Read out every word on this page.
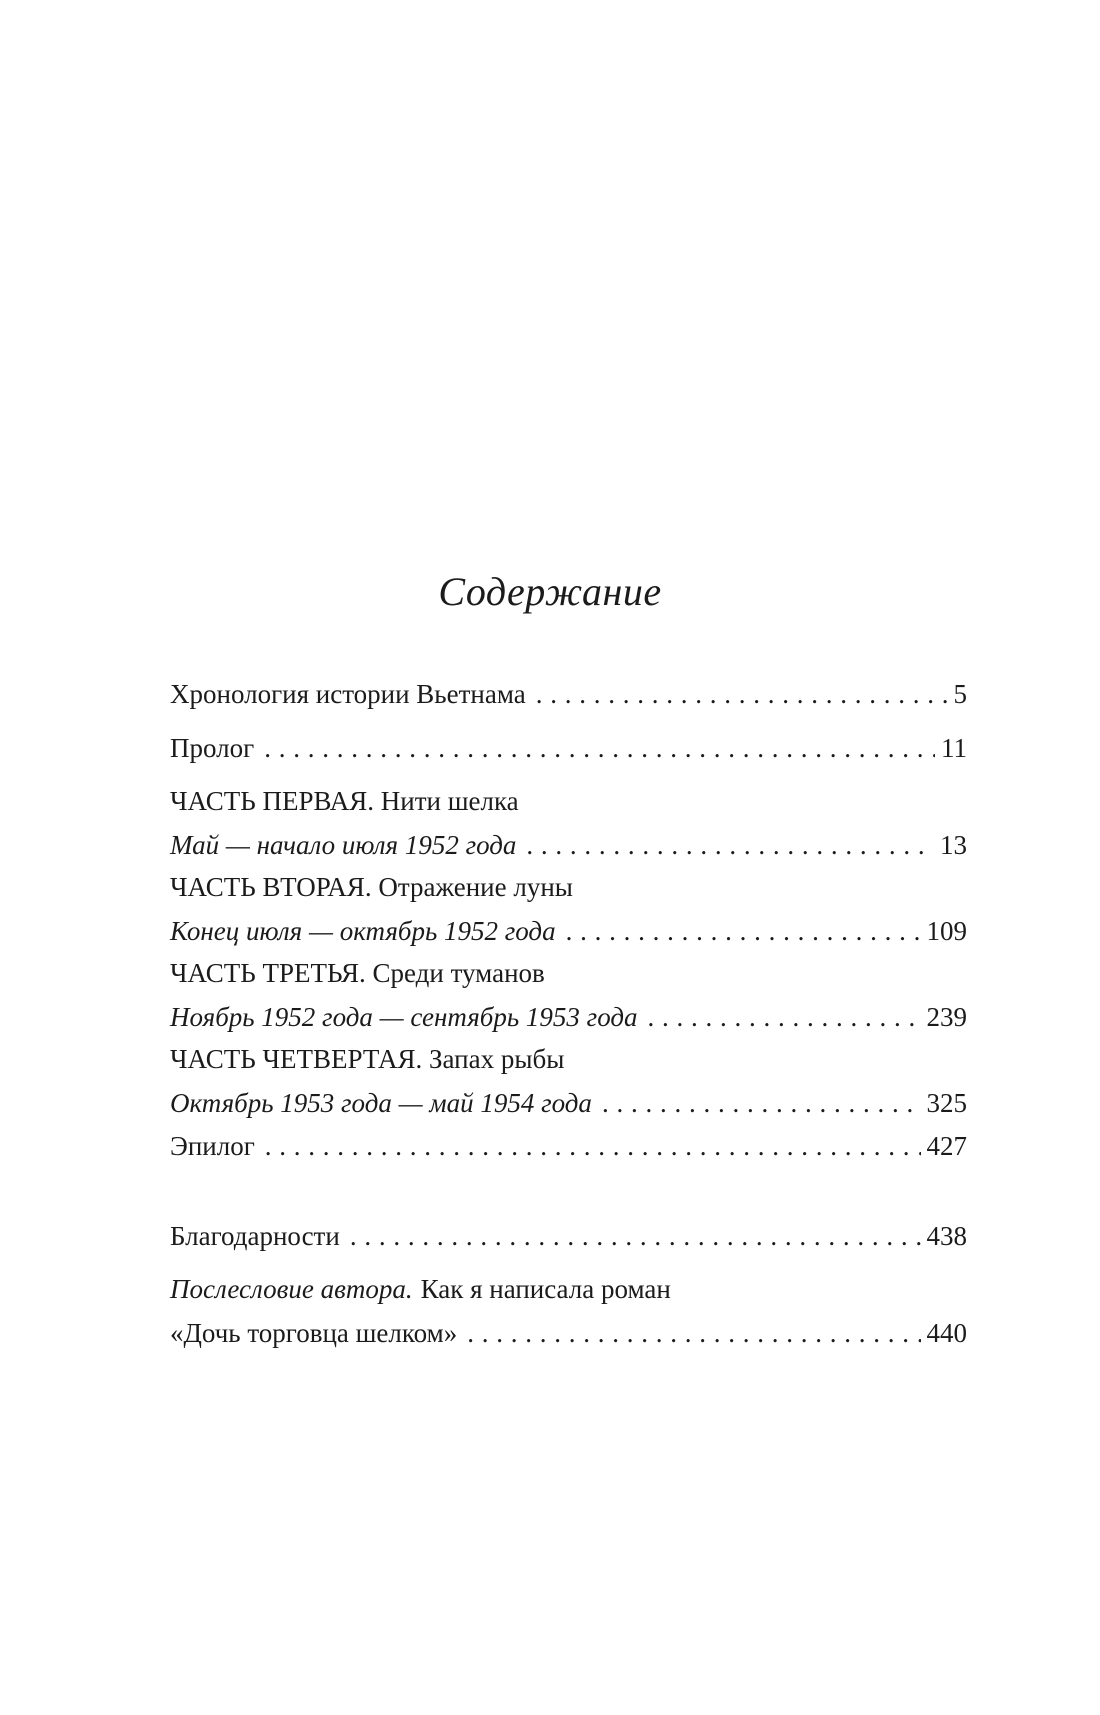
Содержание
Хронология истории Вьетнама . . .	5
Пролог . . .	11
ЧАСТЬ ПЕРВАЯ. Нити шелка
Май — начало июля 1952 года . . .	13
ЧАСТЬ ВТОРАЯ. Отражение луны
Конец июля — октябрь 1952 года . . .	109
ЧАСТЬ ТРЕТЬЯ. Среди туманов
Ноябрь 1952 года — сентябрь 1953 года . . .	239
ЧАСТЬ ЧЕТВЕРТАЯ. Запах рыбы
Октябрь 1953 года — май 1954 года . . .	325
Эпилог . . .	427
Благодарности . . .	438
Послесловие автора. Как я написала роман
«Дочь торговца шелком» . . .	440
